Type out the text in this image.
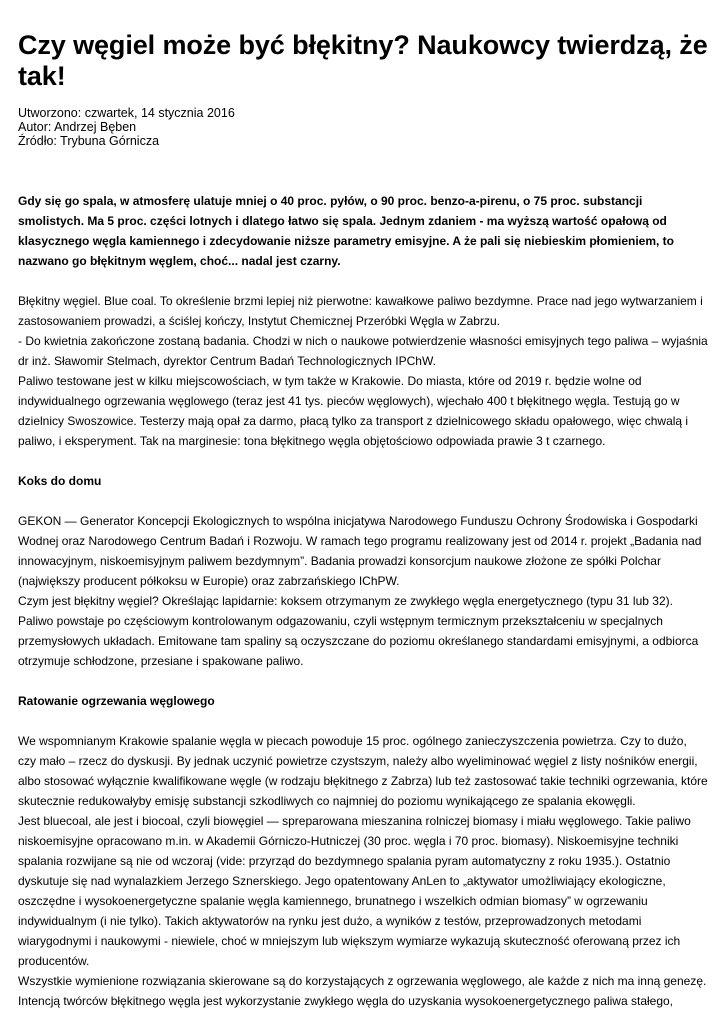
Czy węgiel może być błękitny? Naukowcy twierdzą, że tak!
Utworzono: czwartek, 14 stycznia 2016
Autor: Andrzej Bęben
Źródło: Trybuna Górnicza

Gdy się go spala, w atmosferę ulatuje mniej o 40 proc. pyłów, o 90 proc. benzo-a-pirenu, o 75 proc. substancji smolistych. Ma 5 proc. części lotnych i dlatego łatwo się spala. Jednym zdaniem - ma wyższą wartość opałową od klasycznego węgla kamiennego i zdecydowanie niższe parametry emisyjne. A że pali się niebieskim płomieniem, to nazwano go błękitnym węglem, choć... nadal jest czarny.

Błękitny węgiel. Blue coal. To określenie brzmi lepiej niż pierwotne: kawałkowe paliwo bezdymne. Prace nad jego wytwarzaniem i zastosowaniem prowadzi, a ściślej kończy, Instytut Chemicznej Przeróbki Węgla w Zabrzu.

- Do kwietnia zakończone zostaną badania. Chodzi w nich o naukowe potwierdzenie własności emisyjnych tego paliwa – wyjaśnia dr inż. Sławomir Stelmach, dyrektor Centrum Badań Technologicznych IPChW.

Paliwo testowane jest w kilku miejscowościach, w tym także w Krakowie. Do miasta, które od 2019 r. będzie wolne od indywidualnego ogrzewania węglowego (teraz jest 41 tys. pieców węglowych), wjechało 400 t błękitnego węgla. Testują go w dzielnicy Swoszowice. Testerzy mają opał za darmo, płacą tylko za transport z dzielnicowego składu opałowego, więc chwalą i paliwo, i eksperyment. Tak na marginesie: tona błękitnego węgla objętościowo odpowiada prawie 3 t czarnego.

Koks do domu

GEKON — Generator Koncepcji Ekologicznych to wspólna inicjatywa Narodowego Funduszu Ochrony Środowiska i Gospodarki Wodnej oraz Narodowego Centrum Badań i Rozwoju. W ramach tego programu realizowany jest od 2014 r. projekt „Badania nad innowacyjnym, niskoemisyjnym paliwem bezdymnym”. Badania prowadzi konsorcjum naukowe złożone ze spółki Polchar (największy producent półkoksu w Europie) oraz zabrzańskiego IChPW.

Czym jest błękitny węgiel? Określając lapidarnie: koksem otrzymanym ze zwykłego węgla energetycznego (typu 31 lub 32). Paliwo powstaje po częściowym kontrolowanym odgazowaniu, czyli wstępnym termicznym przekształceniu w specjalnych przemysłowych układach. Emitowane tam spaliny są oczyszczane do poziomu określanego standardami emisyjnymi, a odbiorca otrzymuje schłodzone, przesiane i spakowane paliwo.

Ratowanie ogrzewania węglowego

We wspomnianym Krakowie spalanie węgla w piecach powoduje 15 proc. ogólnego zanieczyszczenia powietrza. Czy to dużo, czy mało – rzecz do dyskusji. By jednak uczynić powietrze czystszym, należy albo wyeliminować węgiel z listy nośników energii, albo stosować wyłącznie kwalifikowane węgle (w rodzaju błękitnego z Zabrza) lub też zastosować takie techniki ogrzewania, które skutecznie redukowałyby emisję substancji szkodliwych co najmniej do poziomu wynikającego ze spalania ekowęgli.

Jest bluecoal, ale jest i biocoal, czyli biowęgiel — spreparowana mieszanina rolniczej biomasy i miału węglowego. Takie paliwo niskoemisyjne opracowano m.in. w Akademii Górniczo-Hutniczej (30 proc. węgla i 70 proc. biomasy). Niskoemisyjne techniki spalania rozwijane są nie od wczoraj (vide: przyrząd do bezdymnego spalania pyram automatyczny z roku 1935.). Ostatnio dyskutuje się nad wynalazkiem Jerzego Sznerskiego. Jego opatentowany AnLen to „aktywator umożliwiający ekologiczne, oszczędne i wysokoenergetyczne spalanie węgla kamiennego, brunatnego i wszelkich odmian biomasy” w ogrzewaniu indywidualnym (i nie tylko). Takich aktywatorów na rynku jest dużo, a wyników z testów, przeprowadzonych metodami wiarygodnymi i naukowymi - niewiele, choć w mniejszym lub większym wymiarze wykazują skuteczność oferowaną przez ich producentów.

Wszystkie wymienione rozwiązania skierowane są do korzystających z ogrzewania węglowego, ale każde z nich ma inną genezę. Intencją twórców błękitnego węgla jest wykorzystanie zwykłego węgla do uzyskania wysokoenergetycznego paliwa stałego,
